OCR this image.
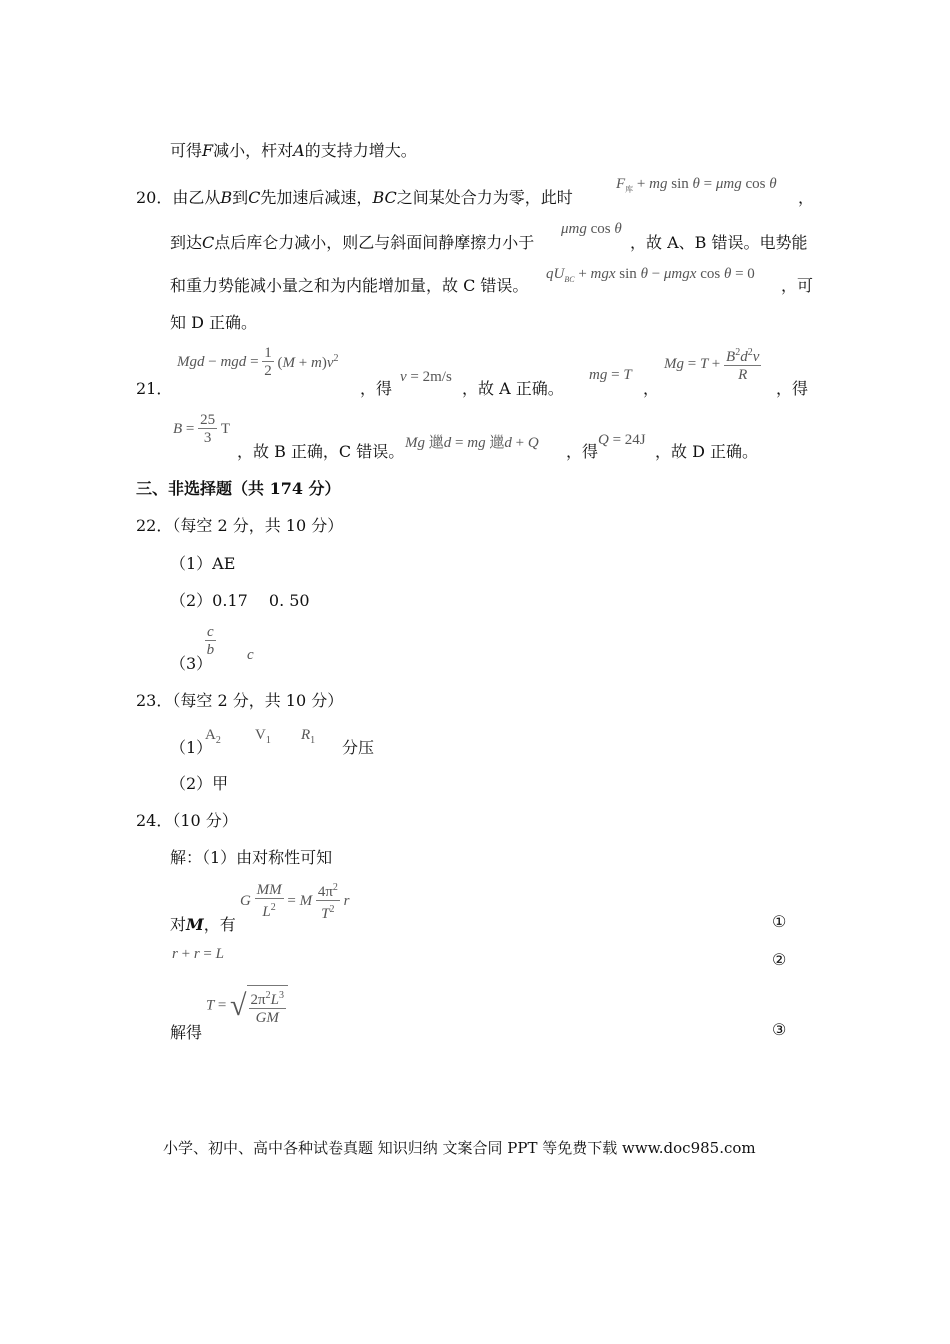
可得F减小，杆对A的支持力增大。
20．由乙从B到C先加速后减速，BC之间某处合力为零，此时
$F_库$ + mg sin θ = μmg cos θ
，
到达C点后库仑力减小，则乙与斜面间静摩擦力小于
μmg cos θ
，故 A、B 错误。电势能
和重力势能减小量之和为内能增加量，故 C 错误。
$qU_{BC}$ + mgx sin θ − μmgx cos θ = 0
，可
知 D 正确。
21．
Mgd − mgd = $\frac{1}{2} (M + m)v^2$
，得
v = 2m/s
，故 A 正确。
mg = T
，
$Mg = T + \frac{B^2d^2v}{R}$
，得
$B = \frac{25}{3}$ T
，故 B 正确，C 错误。 Mg 邋d = mg 邋d + Q ，得
Q = 24J
，故 D 正确。
三、非选择题（共 174 分）
22．（每空 2 分，共 10 分）
（1）AE
（2）0.17　 0. 50
（3）
$\frac{c}{b}$ c
23．（每空 2 分，共 10 分）
（1）
$A_2$ $V_1$ $R_1$ 分压
（2）甲
24．（10 分）
解：（1）由对称性可知
对M，有
G $\frac{MM}{L^2} = M \frac{4\pi^2}{T^2}$ r
①
r + r = L	②
解得
T = √ $\frac{2\pi^2L^3}{GM}$
③
小学、初中、高中各种试卷真题 知识归纳 文案合同 PPT 等免费下载 www.doc985.com
